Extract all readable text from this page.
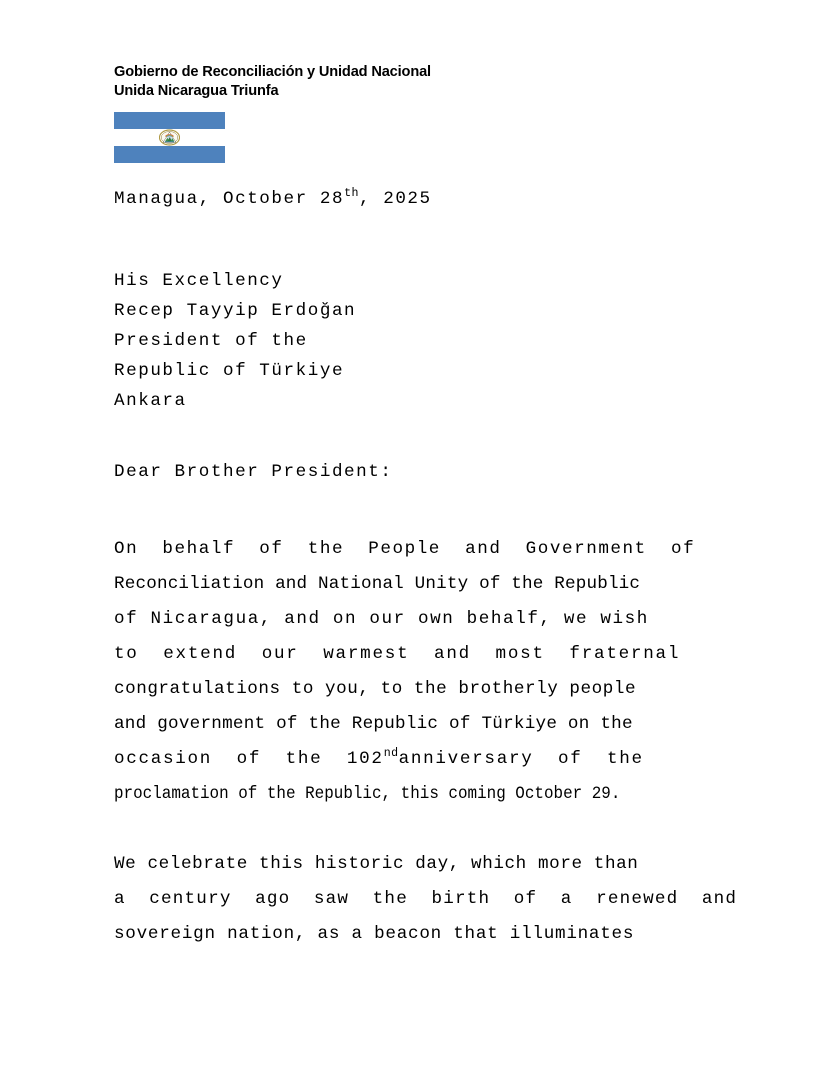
Gobierno de Reconciliación y Unidad Nacional
Unida Nicaragua Triunfa
Managua, October 28th, 2025
His Excellency
Recep Tayyip Erdoğan
President of the
Republic of Türkiye
Ankara
Dear Brother President:
On  behalf  of  the  People  and  Government  of
Reconciliation and National Unity of the Republic
of Nicaragua, and on our own behalf, we wish
to  extend  our  warmest  and  most  fraternal
congratulations to you, to the brotherly people
and government of the Republic of Türkiye on the
occasion  of  the  102ndanniversary  of  the
proclamation of the Republic, this coming October 29.
We celebrate this historic day, which more than
a  century  ago  saw  the  birth  of  a  renewed  and
sovereign nation, as a beacon that illuminates
